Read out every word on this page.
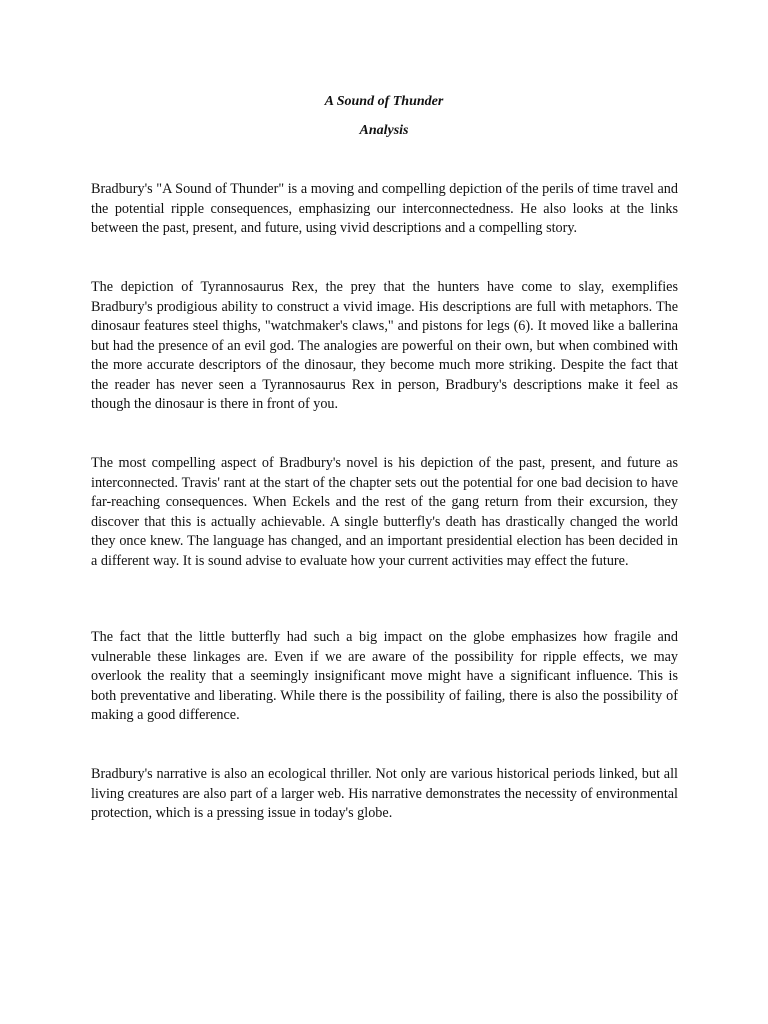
A Sound of Thunder

Analysis

Bradbury's "A Sound of Thunder" is a moving and compelling depiction of the perils of time travel and the potential ripple consequences, emphasizing our interconnectedness. He also looks at the links between the past, present, and future, using vivid descriptions and a compelling story.

The depiction of Tyrannosaurus Rex, the prey that the hunters have come to slay, exemplifies Bradbury's prodigious ability to construct a vivid image. His descriptions are full with metaphors. The dinosaur features steel thighs, "watchmaker's claws," and pistons for legs (6). It moved like a ballerina but had the presence of an evil god. The analogies are powerful on their own, but when combined with the more accurate descriptors of the dinosaur, they become much more striking. Despite the fact that the reader has never seen a Tyrannosaurus Rex in person, Bradbury's descriptions make it feel as though the dinosaur is there in front of you.

The most compelling aspect of Bradbury's novel is his depiction of the past, present, and future as interconnected. Travis' rant at the start of the chapter sets out the potential for one bad decision to have far-reaching consequences. When Eckels and the rest of the gang return from their excursion, they discover that this is actually achievable. A single butterfly's death has drastically changed the world they once knew. The language has changed, and an important presidential election has been decided in a different way. It is sound advise to evaluate how your current activities may effect the future.

The fact that the little butterfly had such a big impact on the globe emphasizes how fragile and vulnerable these linkages are. Even if we are aware of the possibility for ripple effects, we may overlook the reality that a seemingly insignificant move might have a significant influence. This is both preventative and liberating. While there is the possibility of failing, there is also the possibility of making a good difference.

Bradbury's narrative is also an ecological thriller. Not only are various historical periods linked, but all living creatures are also part of a larger web. His narrative demonstrates the necessity of environmental protection, which is a pressing issue in today's globe.
